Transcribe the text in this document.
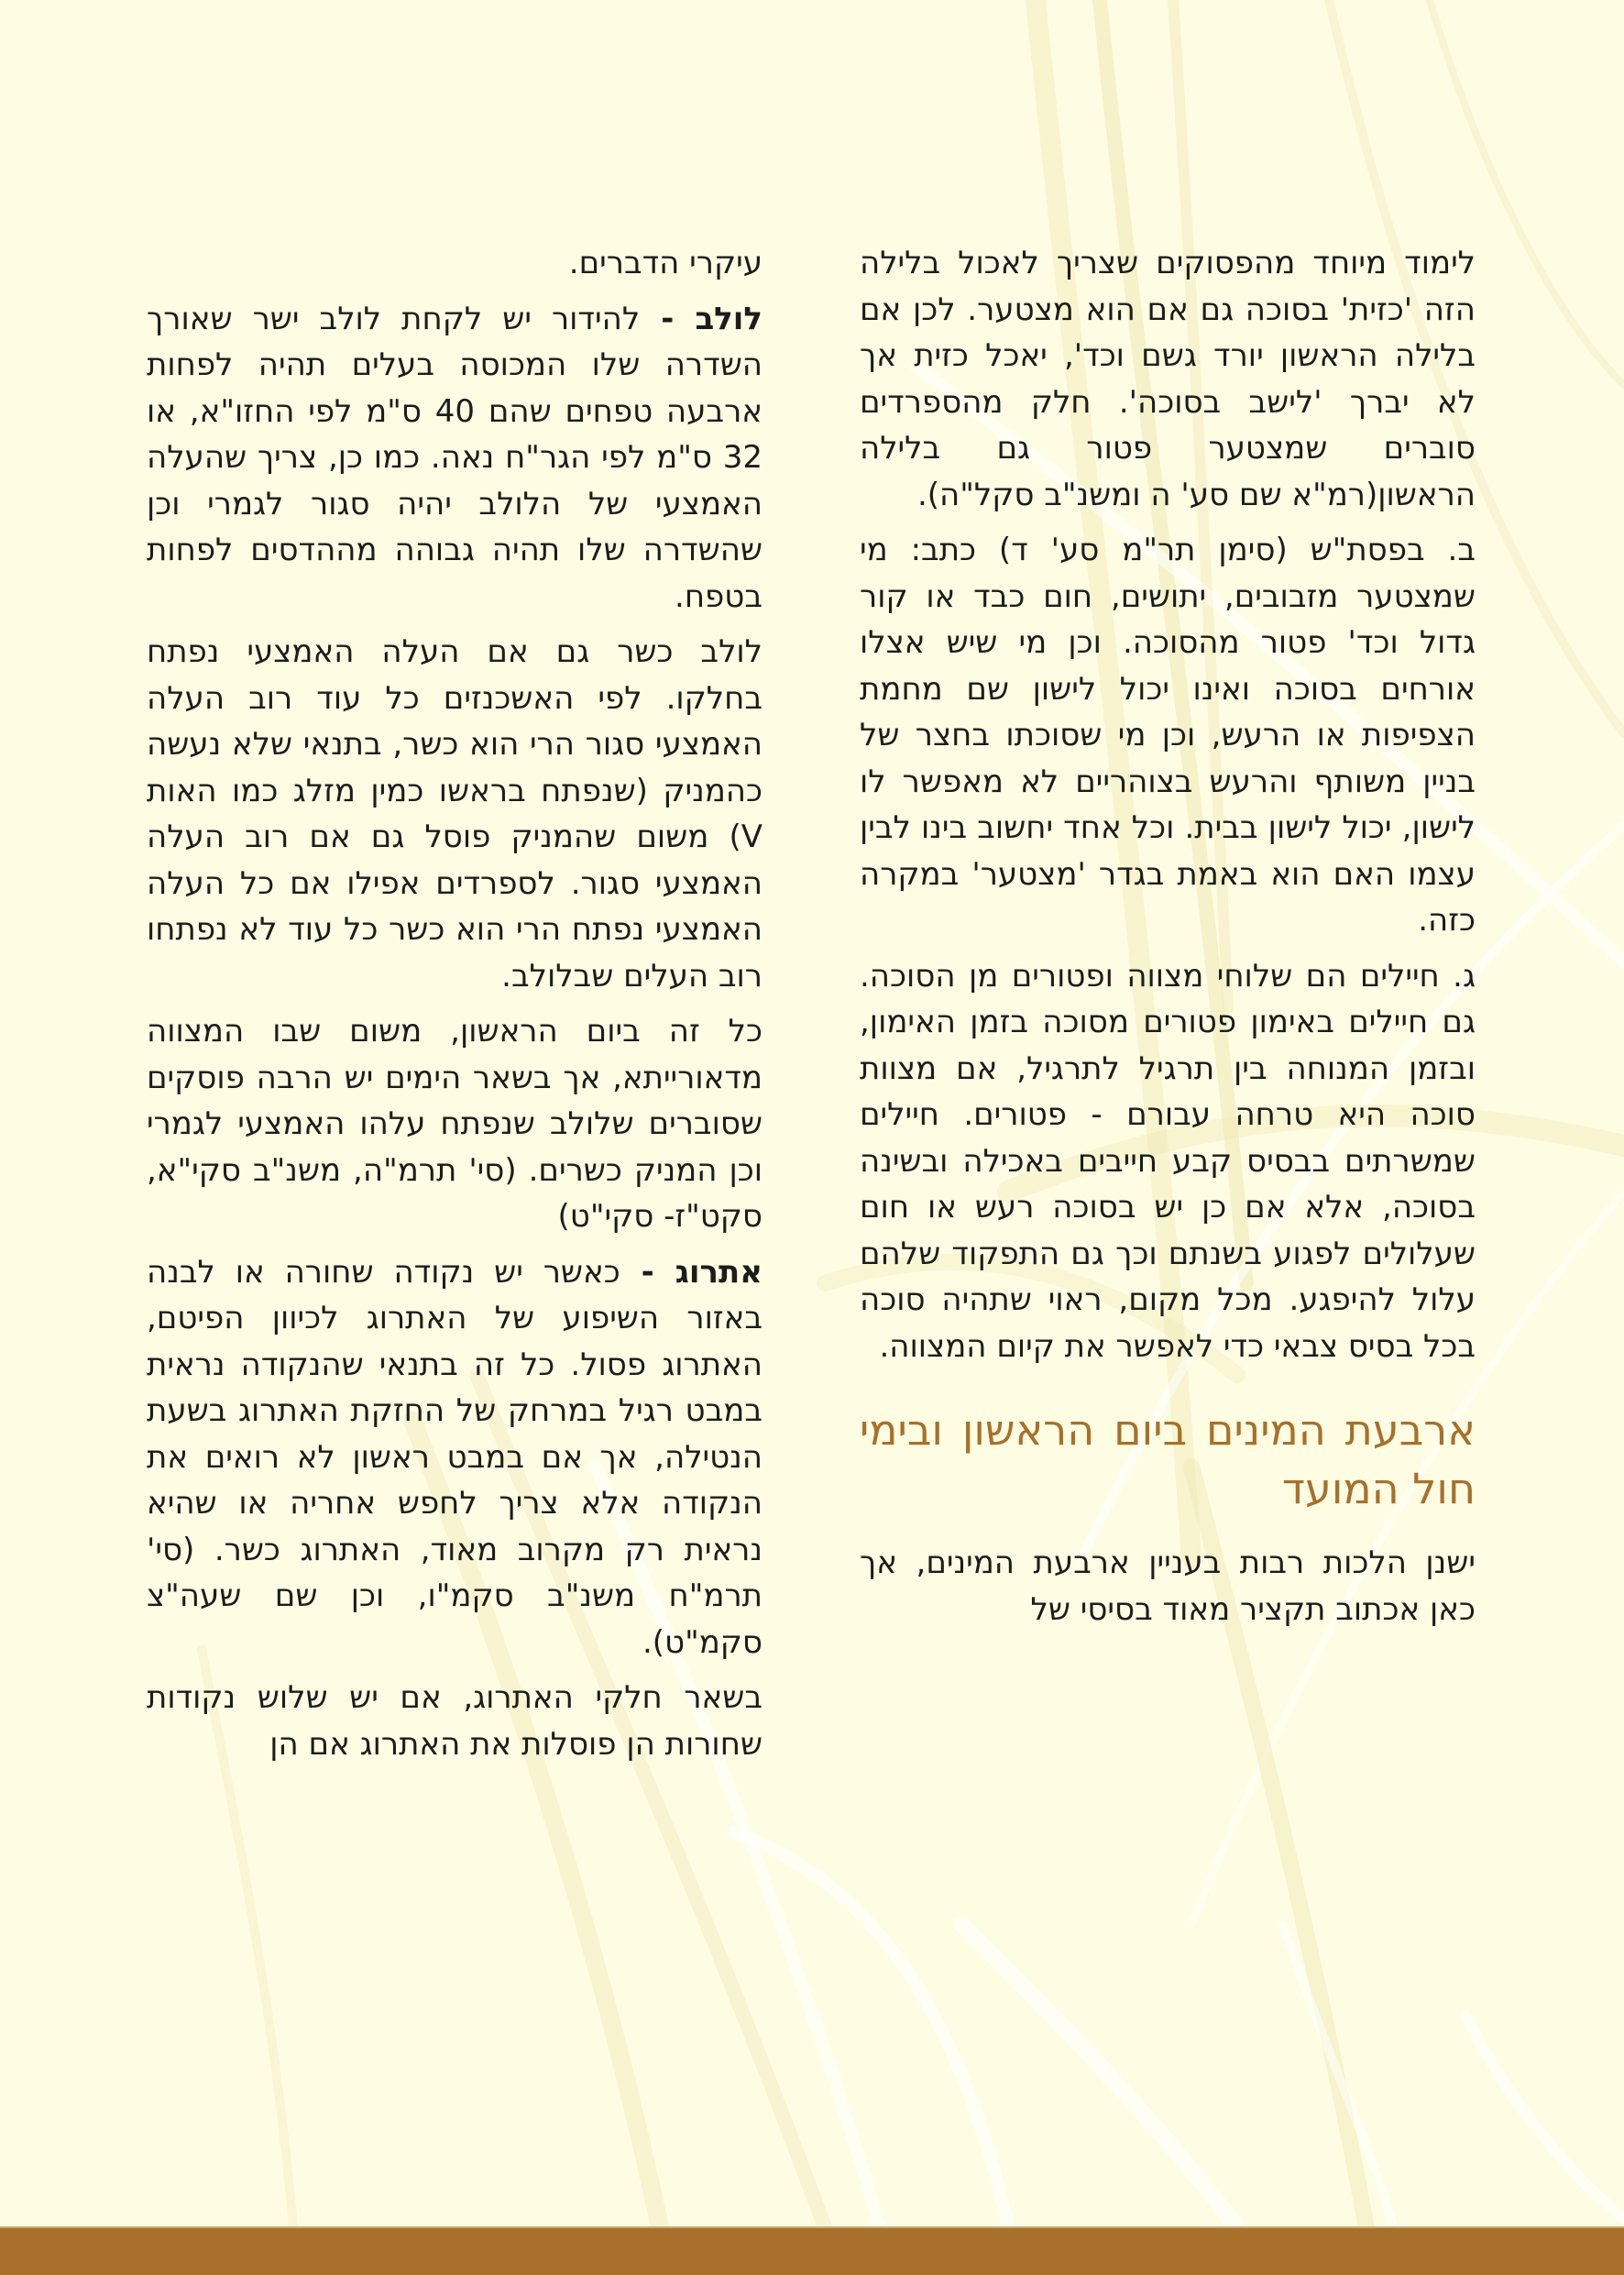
לימוד מיוחד מהפסוקים שצריך לאכול בלילה הזה 'כזית' בסוכה גם אם הוא מצטער. לכן אם בלילה הראשון יורד גשם וכד', יאכל כזית אך לא יברך 'לישב בסוכה'. חלק מהספרדים סוברים שמצטער פטור גם בלילה הראשון(רמ"א שם סע' ה ומשנ"ב סקל"ה).

ב. בפסת"ש (סימן תר"מ סע' ד) כתב: מי שמצטער מזבובים, יתושים, חום כבד או קור גדול וכד' פטור מהסוכה. וכן מי שיש אצלו אורחים בסוכה ואינו יכול לישון שם מחמת הצפיפות או הרעש, וכן מי שסוכתו בחצר של בניין משותף והרעש בצוהריים לא מאפשר לו לישון, יכול לישון בבית. וכל אחד יחשוב בינו לבין עצמו האם הוא באמת בגדר 'מצטער' במקרה כזה.

ג. חיילים הם שלוחי מצווה ופטורים מן הסוכה. גם חיילים באימון פטורים מסוכה בזמן האימון, ובזמן המנוחה בין תרגיל לתרגיל, אם מצוות סוכה היא טרחה עבורם - פטורים. חיילים שמשרתים בבסיס קבע חייבים באכילה ובשינה בסוכה, אלא אם כן יש בסוכה רעש או חום שעלולים לפגוע בשנתם וכך גם התפקוד שלהם עלול להיפגע. מכל מקום, ראוי שתהיה סוכה בכל בסיס צבאי כדי לאפשר את קיום המצווה.

ארבעת המינים ביום הראשון ובימי חול המועד

ישנן הלכות רבות בעניין ארבעת המינים, אך כאן אכתוב תקציר מאוד בסיסי של

עיקרי הדברים.

לולב - להידור יש לקחת לולב ישר שאורך השדרה שלו המכוסה בעלים תהיה לפחות ארבעה טפחים שהם 40 ס"מ לפי החזו"א, או 32 ס"מ לפי הגר"ח נאה. כמו כן, צריך שהעלה האמצעי של הלולב יהיה סגור לגמרי וכן שהשדרה שלו תהיה גבוהה מההדסים לפחות בטפח.

לולב כשר גם אם העלה האמצעי נפתח בחלקו. לפי האשכנזים כל עוד רוב העלה האמצעי סגור הרי הוא כשר, בתנאי שלא נעשה כהמניק (שנפתח בראשו כמין מזלג כמו האות V) משום שהמניק פוסל גם אם רוב העלה האמצעי סגור. לספרדים אפילו אם כל העלה האמצעי נפתח הרי הוא כשר כל עוד לא נפתחו רוב העלים שבלולב.

כל זה ביום הראשון, משום שבו המצווה מדאורייתא, אך בשאר הימים יש הרבה פוסקים שסוברים שלולב שנפתח עלהו האמצעי לגמרי וכן המניק כשרים. (סי' תרמ"ה, משנ"ב סקי"א, סקט"ז- סקי"ט)

אתרוג - כאשר יש נקודה שחורה או לבנה באזור השיפוע של האתרוג לכיוון הפיטם, האתרוג פסול. כל זה בתנאי שהנקודה נראית במבט רגיל במרחק של החזקת האתרוג בשעת הנטילה, אך אם במבט ראשון לא רואים את הנקודה אלא צריך לחפש אחריה או שהיא נראית רק מקרוב מאוד, האתרוג כשר. (סי' תרמ"ח משנ"ב סקמ"ו, וכן שם שעה"צ סקמ"ט).

בשאר חלקי האתרוג, אם יש שלוש נקודות שחורות הן פוסלות את האתרוג אם הן
